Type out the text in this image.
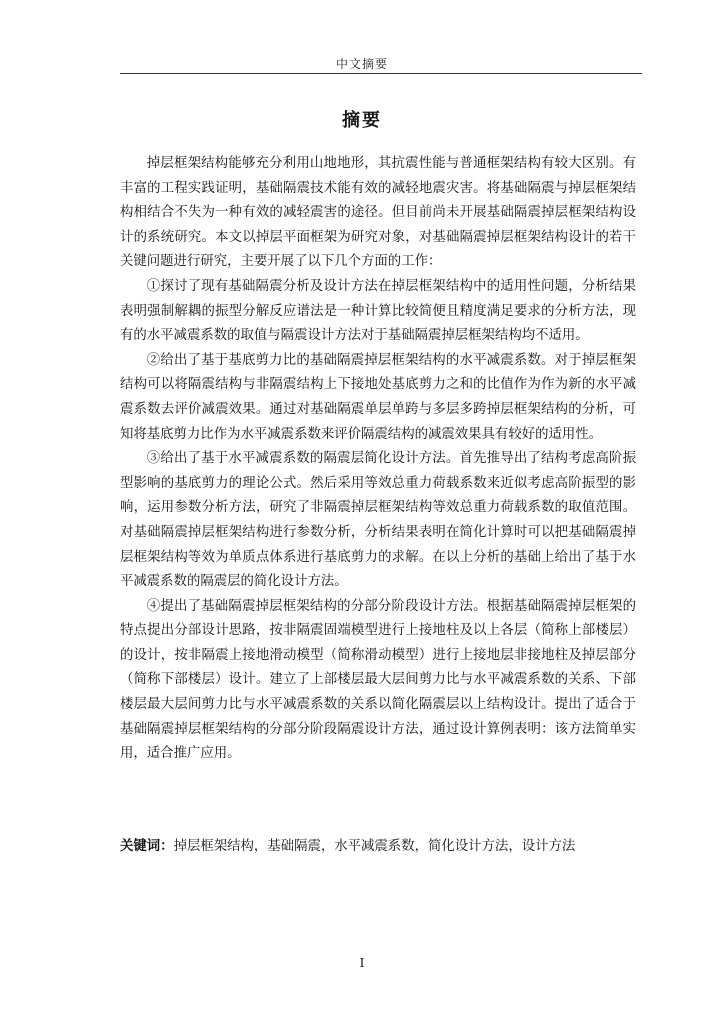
中文摘要
摘要

掉层框架结构能够充分利用山地地形，其抗震性能与普通框架结构有较大区别。有丰富的工程实践证明，基础隔震技术能有效的减轻地震灾害。将基础隔震与掉层框架结构相结合不失为一种有效的减轻震害的途径。但目前尚未开展基础隔震掉层框架结构设计的系统研究。本文以掉层平面框架为研究对象，对基础隔震掉层框架结构设计的若干关键问题进行研究，主要开展了以下几个方面的工作：

①探讨了现有基础隔震分析及设计方法在掉层框架结构中的适用性问题，分析结果表明强制解耦的振型分解反应谱法是一种计算比较简便且精度满足要求的分析方法，现有的水平减震系数的取值与隔震设计方法对于基础隔震掉层框架结构均不适用。

②给出了基于基底剪力比的基础隔震掉层框架结构的水平减震系数。对于掉层框架结构可以将隔震结构与非隔震结构上下接地处基底剪力之和的比值作为作为新的水平减震系数去评价减震效果。通过对基础隔震单层单跨与多层多跨掉层框架结构的分析，可知将基底剪力比作为水平减震系数来评价隔震结构的减震效果具有较好的适用性。

③给出了基于水平减震系数的隔震层简化设计方法。首先推导出了结构考虑高阶振型影响的基底剪力的理论公式。然后采用等效总重力荷载系数来近似考虑高阶振型的影响，运用参数分析方法，研究了非隔震掉层框架结构等效总重力荷载系数的取值范围。对基础隔震掉层框架结构进行参数分析，分析结果表明在简化计算时可以把基础隔震掉层框架结构等效为单质点体系进行基底剪力的求解。在以上分析的基础上给出了基于水平减震系数的隔震层的简化设计方法。

④提出了基础隔震掉层框架结构的分部分阶段设计方法。根据基础隔震掉层框架的特点提出分部设计思路，按非隔震固端模型进行上接地柱及以上各层（简称上部楼层）的设计，按非隔震上接地滑动模型（简称滑动模型）进行上接地层非接地柱及掉层部分（简称下部楼层）设计。建立了上部楼层最大层间剪力比与水平减震系数的关系、下部楼层最大层间剪力比与水平减震系数的关系以简化隔震层以上结构设计。提出了适合于基础隔震掉层框架结构的分部分阶段隔震设计方法，通过设计算例表明：该方法简单实用，适合推广应用。

关键词：掉层框架结构，基础隔震，水平减震系数，简化设计方法，设计方法
I
